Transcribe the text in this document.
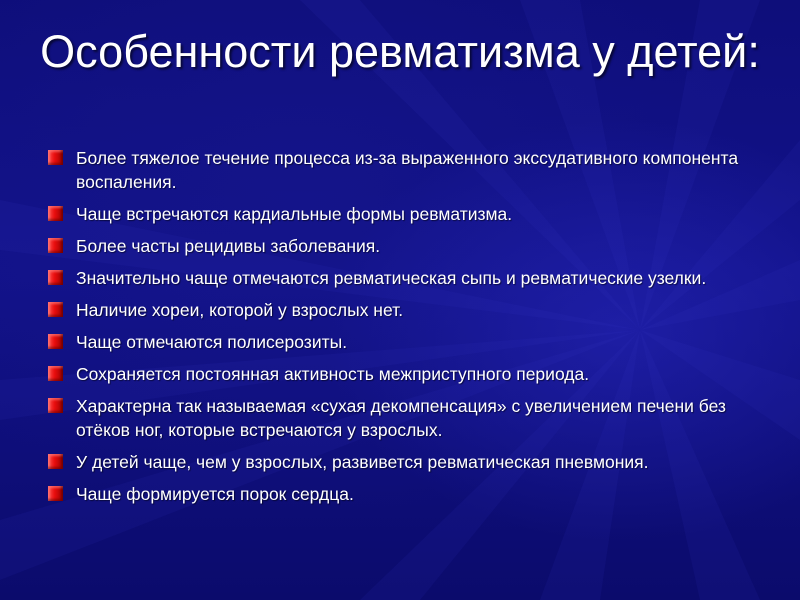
Особенности ревматизма у детей:
Более тяжелое течение процесса из-за выраженного экссудативного компонента воспаления.
Чаще встречаются кардиальные формы ревматизма.
Более часты рецидивы заболевания.
Значительно чаще отмечаются ревматическая сыпь и ревматические узелки.
Наличие хореи, которой у взрослых нет.
Чаще отмечаются полисерозиты.
Сохраняется постоянная активность межприступного периода.
Характерна так называемая «сухая декомпенсация» с увеличением печени без отёков ног, которые встречаются у взрослых.
У детей чаще, чем у взрослых, развивется ревматическая пневмония.
Чаще формируется порок сердца.
